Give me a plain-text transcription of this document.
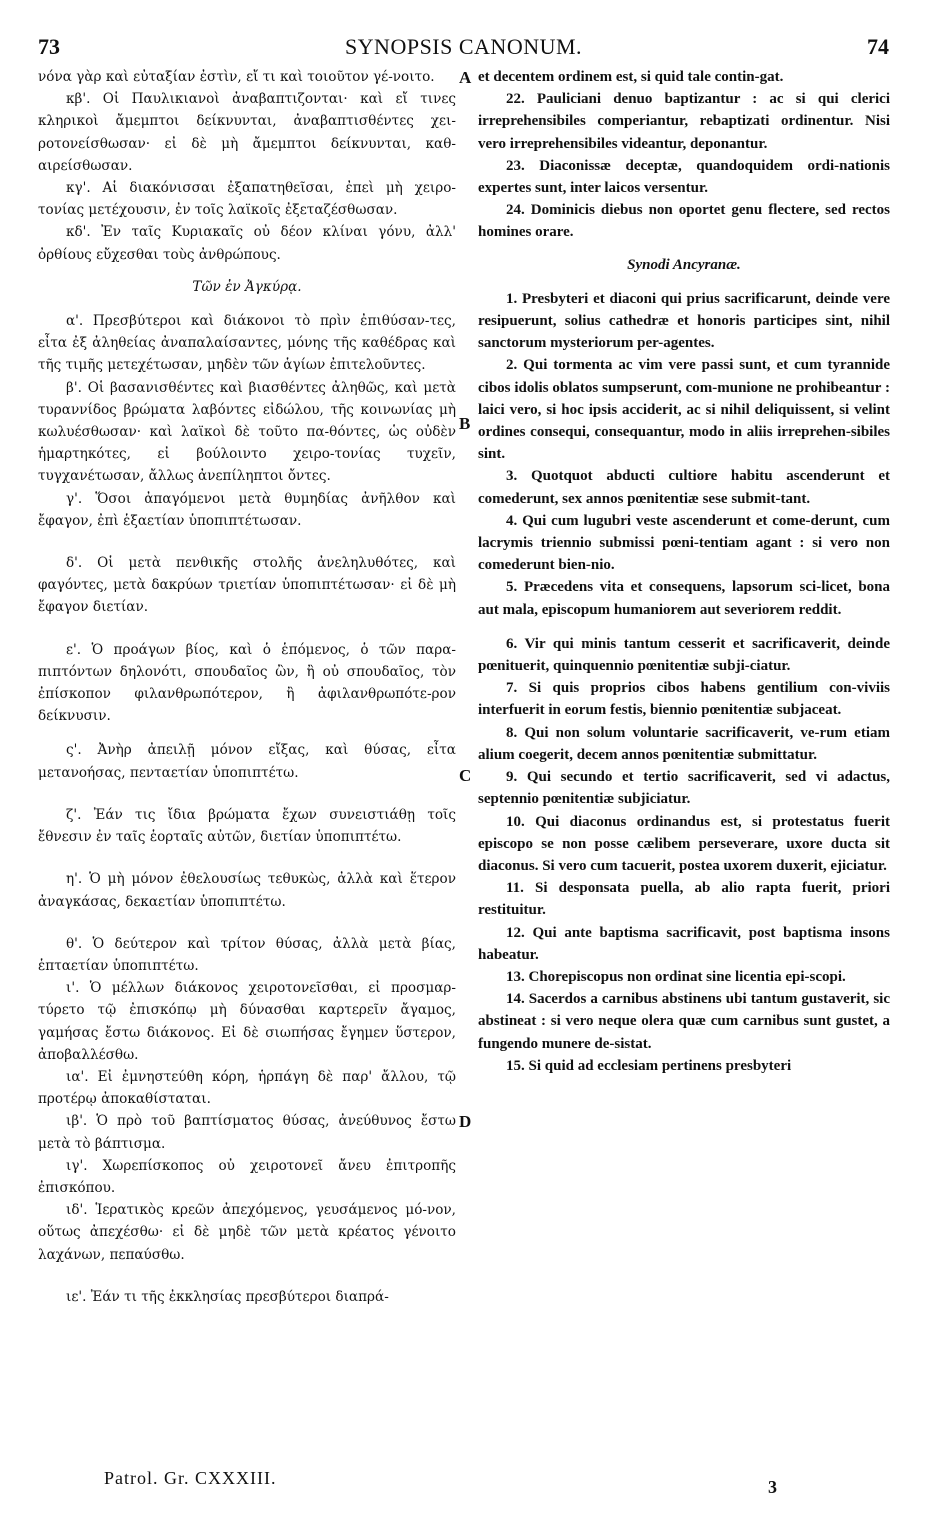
73	SYNOPSIS CANONUM.	74

νόνα γὰρ καὶ εὐταξίαν ἐστὶν, εἴ τι καὶ τοιοῦτον γέ-νοιτο.

κβ'. Οἱ Παυλικιανοὶ ἀναβαπτιζονται· καὶ εἴ τινες κληρικοὶ ἄμεμπτοι δείκνυνται, ἀναβαπτισθέντες χει-ροτονείσθωσαν· εἰ δὲ μὴ ἄμεμπτοι δείκνυνται, καθ-αιρείσθωσαν.

κγ'. Αἱ διακόνισσαι ἐξαπατηθεῖσαι, ἐπεὶ μὴ χειρο-τονίας μετέχουσιν, ἐν τοῖς λαϊκοῖς ἐξεταζέσθωσαν.

κδ'. Ἐν ταῖς Κυριακαῖς οὐ δέον κλίναι γόνυ, ἀλλ' ὀρθίους εὔχεσθαι τοὺς ἀνθρώπους.

Τῶν ἐν Ἀγκύρᾳ.

α'. Πρεσβύτεροι καὶ διάκονοι τὸ πρὶν ἐπιθύσαν-τες, εἶτα ἐξ ἀληθείας ἀναπαλαίσαντες, μόνης τῆς καθέδρας καὶ τῆς τιμῆς μετεχέτωσαν, μηδὲν τῶν ἁγίων ἐπιτελοῦντες.

β'. Οἱ βασανισθέντες καὶ βιασθέντες ἀληθῶς, καὶ μετὰ τυραννίδος βρώματα λαβόντες εἰδώλου, τῆς κοινωνίας μὴ κωλυέσθωσαν· καὶ λαϊκοὶ δὲ τοῦτο πα-θόντες, ὡς οὐδὲν ἡμαρτηκότες, εἰ βούλοιντο χειρο-τονίας τυχεῖν, τυγχανέτωσαν, ἄλλως ἀνεπίληπτοι ὄντες.

γ'. Ὅσοι ἀπαγόμενοι μετὰ θυμηδίας ἀνῆλθον καὶ ἔφαγον, ἐπὶ ἑξαετίαν ὑποπιπτέτωσαν.

δ'. Οἱ μετὰ πενθικῆς στολῆς ἀνεληλυθότες, καὶ φαγόντες, μετὰ δακρύων τριετίαν ὑποπιπτέτωσαν· εἰ δὲ μὴ ἔφαγον διετίαν.

ε'. Ὁ προάγων βίος, καὶ ὁ ἑπόμενος, ὁ τῶν παρα-πιπτόντων δηλονότι, σπουδαῖος ὢν, ἢ οὐ σπουδαῖος, τὸν ἐπίσκοπον φιλανθρωπότερον, ἢ ἀφιλανθρωπότε-ρον δείκνυσιν.

ς'. Ἀνὴρ ἀπειλῇ μόνον εἴξας, καὶ θύσας, εἶτα μετανοήσας, πενταετίαν ὑποπιπτέτω.

ζ'. Ἐάν τις ἴδια βρώματα ἔχων συνειστιάθῃ τοῖς ἔθνεσιν ἐν ταῖς ἑορταῖς αὐτῶν, διετίαν ὑποπιπτέτω.

η'. Ὁ μὴ μόνον ἐθελουσίως τεθυκὼς, ἀλλὰ καὶ ἕτερον ἀναγκάσας, δεκαετίαν ὑποπιπτέτω.

θ'. Ὁ δεύτερον καὶ τρίτον θύσας, ἀλλὰ μετὰ βίας, ἑπταετίαν ὑποπιπτέτω.

ι'. Ὁ μέλλων διάκονος χειροτονεῖσθαι, εἰ προσμαρ-τύρετο τῷ ἐπισκόπῳ μὴ δύνασθαι καρτερεῖν ἄγαμος, γαμήσας ἔστω διάκονος. Εἰ δὲ σιωπήσας ἔγημεν ὕστερον, ἀποβαλλέσθω.

ια'. Εἰ ἐμνηστεύθη κόρη, ἡρπάγη δὲ παρ' ἄλλου, τῷ προτέρῳ ἀποκαθίσταται.

ιβ'. Ὁ πρὸ τοῦ βαπτίσματος θύσας, ἀνεύθυνος ἔστω μετὰ τὸ βάπτισμα.

ιγ'. Χωρεπίσκοπος οὐ χειροτονεῖ ἄνευ ἐπιτροπῆς ἐπισκόπου.

ιδ'. Ἱερατικὸς κρεῶν ἀπεχόμενος, γευσάμενος μό-νον, οὕτως ἀπεχέσθω· εἰ δὲ μηδὲ τῶν μετὰ κρέατος γένοιτο λαχάνων, πεπαύσθω.

ιε'. Ἐάν τι τῆς ἐκκλησίας πρεσβύτεροι διαπρά-

et decentem ordinem est, si quid tale contin-gat.

22. Pauliciani denuo baptizantur : ac si qui clerici irreprehensibiles comperiantur, rebaptizati ordinentur. Nisi vero irreprehensibiles videantur, deponantur.

23. Diaconissæ deceptæ, quandoquidem ordi-nationis expertes sunt, inter laicos versentur.

24. Dominicis diebus non oportet genu flectere, sed rectos homines orare.

Synodi Ancyranæ.

1. Presbyteri et diaconi qui prius sacrificarunt, deinde vere resipuerunt, solius cathedræ et honoris participes sint, nihil sanctorum mysteriorum per-agentes.

2. Qui tormenta ac vim vere passi sunt, et cum tyrannide cibos idolis oblatos sumpserunt, com-munione ne prohibeantur : laici vero, si hoc ipsis acciderit, ac si nihil deliquissent, si velint ordines consequi, consequantur, modo in aliis irreprehen-sibiles sint.

3. Quotquot abducti cultiore habitu ascenderunt et comederunt, sex annos pœnitentiæ sese submit-tant.

4. Qui cum lugubri veste ascenderunt et come-derunt, cum lacrymis triennio submissi pœni-tentiam agant : si vero non comederunt bien-nio.

5. Præcedens vita et consequens, lapsorum sci-licet, bona aut mala, episcopum humaniorem aut severiorem reddit.

6. Vir qui minis tantum cesserit et sacrificaverit, deinde pœnituerit, quinquennio pœnitentiæ subji-ciatur.

7. Si quis proprios cibos habens gentilium con-viviis interfuerit in eorum festis, biennio pœnitentiæ subjaceat.

8. Qui non solum voluntarie sacrificaverit, ve-rum etiam alium coegerit, decem annos pœnitentiæ submittatur.

9. Qui secundo et tertio sacrificaverit, sed vi adactus, septennio pœnitentiæ subjiciatur.

10. Qui diaconus ordinandus est, si protestatus fuerit episcopo se non posse cælibem perseverare, uxore ducta sit diaconus. Si vero cum tacuerit, postea uxorem duxerit, ejiciatur.

11. Si desponsata puella, ab alio rapta fuerit, priori restituitur.

12. Qui ante baptisma sacrificavit, post baptisma insons habeatur.

13. Chorepiscopus non ordinat sine licentia epi-scopi.

14. Sacerdos a carnibus abstinens ubi tantum gustaverit, sic abstineat : si vero neque olera quæ cum carnibus sunt gustet, a fungendo munere de-sistat.

15. Si quid ad ecclesiam pertinens presbyteri

A
B
C
D
Patrol. Gr. CXXXIII.	3
